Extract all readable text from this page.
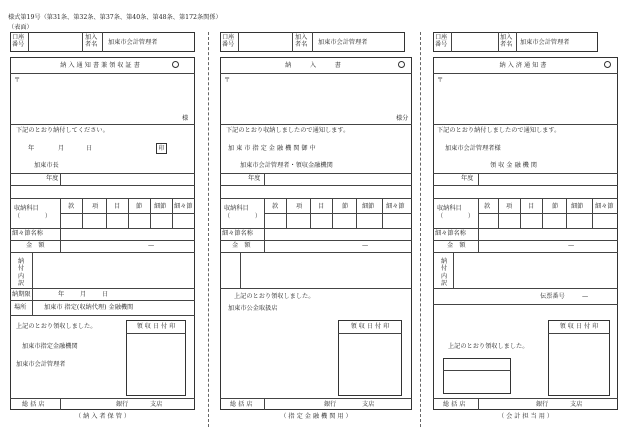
様式第19号（第31条、第32条、第37条、第40条、第48条、第172条関係）
（表面）
口座
番号
加入
者名 加東市会計管理者
納 入 通 知 書 兼 領 収 証 書
〒
様
下記のとおり納付してください。
年	月	日	印
加東市長
年度
収納科目
（　　　　）
款	項	目	節 細節 細々節
細々節名称
金　額	—
納付内訳
納期限	年	月	日
場所	加東市 指定(収納代理) 金融機関
上記のとおり領収しました。	領 収 日 付 印
加東市指定金融機関
加東市会計管理者
総 括 店	銀行	支店
（ 納 入 者 保 管 ）
口座
番号
加入
者名 加東市会計管理者
納　　　入　　　書
〒
様分
下記のとおり収納しましたので通知します。
加 東 市 指 定 金 融 機 関 御 中
加東市会計管理者・領収金融機関
年度
収納科目
（　　　　）
款	項	目	節 細節 細々節
細々節名称
金　額	—
上記のとおり領収しました。
加東市公金取扱店
領 収 日 付 印
総 括 店	銀行	支店
（ 指 定 金 融 機 関 用 ）
口座
番号
加入
者名 加東市会計管理者
納 入 済 通 知 書
〒
下記のとおり納付しましたので通知します。
加東市会計管理者様
領 収 金 融 機 関
年度
収納科目
（　　　　）
款	項	目	節 細節 細々節
細々節名称
金　額	—
納付内訳
伝票番号	—
上記のとおり領収しました。
領 収 日 付 印
総 括 店	銀行	支店
（ 会 計 担 当 用 ）
